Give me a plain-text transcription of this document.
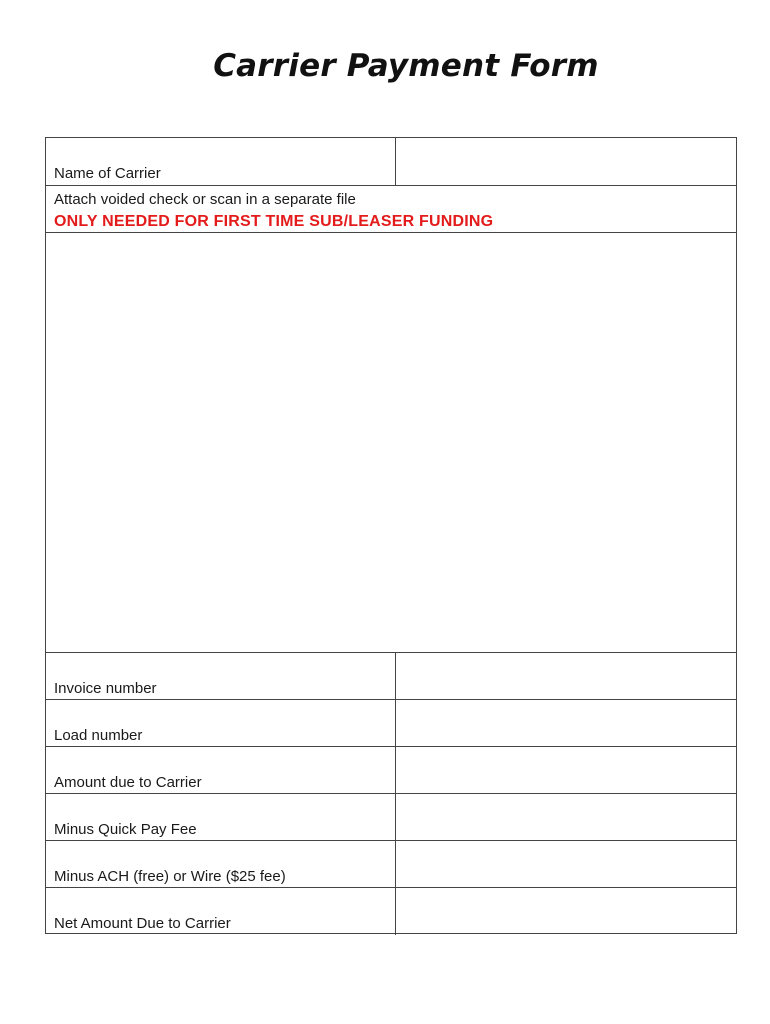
Carrier Payment Form
Name of Carrier
Attach voided check or scan in a separate file
ONLY NEEDED FOR FIRST TIME SUB/LEASER FUNDING
Invoice number
Load number
Amount due to Carrier
Minus Quick Pay Fee
Minus ACH (free) or Wire ($25 fee)
Net Amount Due to Carrier
